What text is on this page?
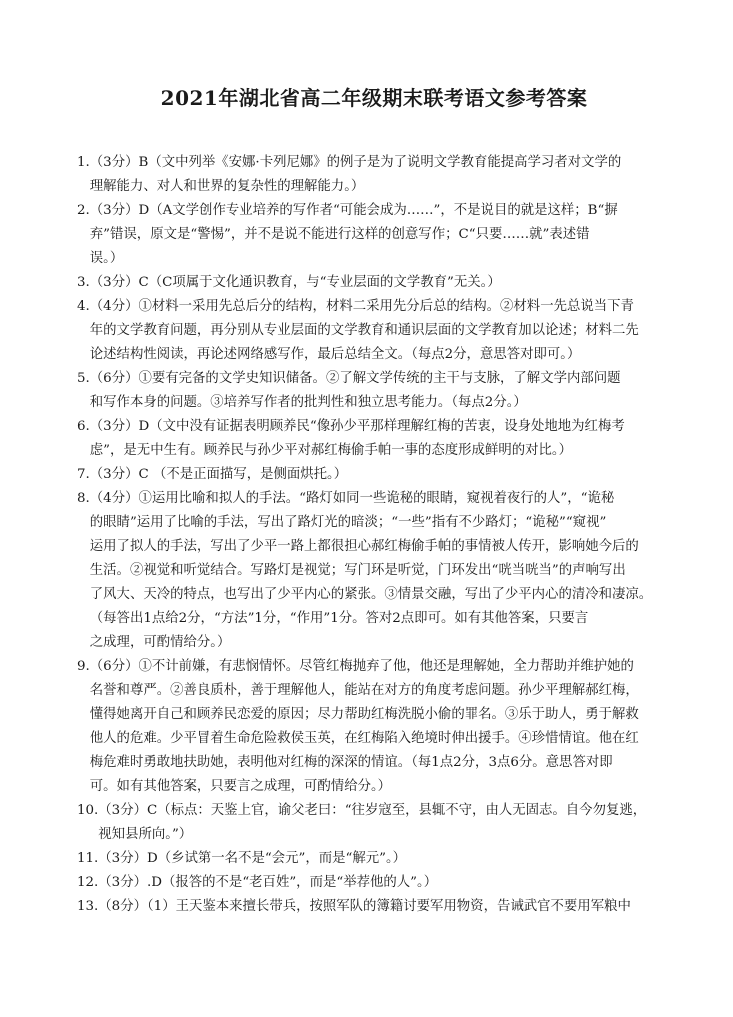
2021年湖北省高二年级期末联考语文参考答案
1. （3分）B（文中列举《安娜·卡列尼娜》的例子是为了说明文学教育能提高学习者对文学的
理解能力、对人和世界的复杂性的理解能力。）
2. （3分）D（A文学创作专业培养的写作者“可能会成为……”，不是说目的就是这样；B“摒
弃”错误，原文是“警惕”，并不是说不能进行这样的创意写作；C“只要……就”表述错
误。）
3. （3分）C（C项属于文化通识教育，与“专业层面的文学教育”无关。）
4. （4分）①材料一采用先总后分的结构，材料二采用先分后总的结构。②材料一先总说当下青
年的文学教育问题，再分别从专业层面的文学教育和通识层面的文学教育加以论述；材料二先
论述结构性阅读，再论述网络感写作，最后总结全文。（每点2分，意思答对即可。）
5. （6分）①要有完备的文学史知识储备。②了解文学传统的主干与支脉，了解文学内部问题
和写作本身的问题。③培养写作者的批判性和独立思考能力。（每点2分。）
6. （3分）D（文中没有证据表明顾养民“像孙少平那样理解红梅的苦衷，设身处地地为红梅考
虑”，是无中生有。顾养民与孙少平对郝红梅偷手帕一事的态度形成鲜明的对比。）
7. （3分）C （不是正面描写，是侧面烘托。）
8. （4分）①运用比喻和拟人的手法。“路灯如同一些诡秘的眼睛，窥视着夜行的人”，“诡秘
的眼睛”运用了比喻的手法，写出了路灯光的暗淡；“一些”指有不少路灯；“诡秘”“窥视”
运用了拟人的手法，写出了少平一路上都很担心郝红梅偷手帕的事情被人传开，影响她今后的
生活。②视觉和听觉结合。写路灯是视觉；写门环是听觉，门环发出“咣当咣当”的声响写出
了风大、天冷的特点，也写出了少平内心的紧张。③情景交融，写出了少平内心的清冷和凄凉。
（每答出1点给2分，“方法”1分，“作用”1分。答对2点即可。如有其他答案，只要言
之成理，可酌情给分。）
9. （6分）①不计前嫌，有悲悯情怀。尽管红梅抛弃了他，他还是理解她，全力帮助并维护她的
名誉和尊严。②善良质朴，善于理解他人，能站在对方的角度考虑问题。孙少平理解郝红梅，
懂得她离开自己和顾养民恋爱的原因；尽力帮助红梅洗脱小偷的罪名。③乐于助人，勇于解救
他人的危难。少平冒着生命危险救侯玉英，在红梅陷入绝境时伸出援手。④珍惜情谊。他在红
梅危难时勇敢地扶助她，表明他对红梅的深深的情谊。（每1点2分，3点6分。意思答对即
可。如有其他答案，只要言之成理，可酌情给分。）
10. （3分）C（标点：天鉴上官，谕父老曰：“往岁寇至，县辄不守，由人无固志。自今勿复逃，
视知县所向。”）
11. （3分）D（乡试第一名不是“会元”，而是“解元”。）
12. （3分）.D（报答的不是“老百姓”，而是“举荐他的人”。）
13. （8分）（1）王天鉴本来擅长带兵，按照军队的簿籍讨要军用物资，告诫武官不要用军粮中
